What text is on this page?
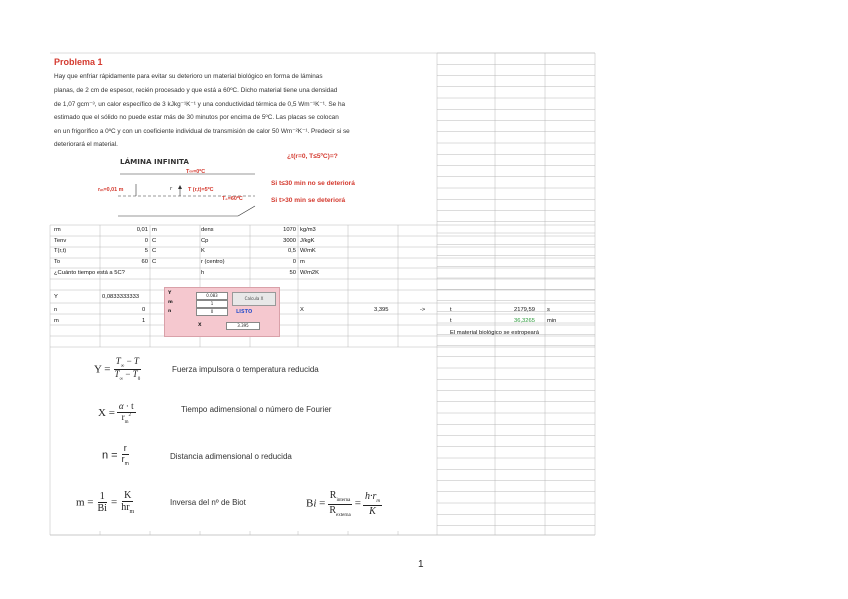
Problema 1
Hay que enfriar rápidamente para evitar su deterioro un material biológico en forma de láminas
planas, de 2 cm de espesor, recién procesado y que está a 60ºC. Dicho material tiene una densidad
de 1,07 gcm⁻³, un calor específico de 3 kJkg⁻¹K⁻¹ y una conductividad térmica de 0,5 Wm⁻¹K⁻¹. Se ha
estimado que el sólido no puede estar más de 30 minutos por encima de 5ºC. Las placas se colocan
en un frigorífico a 0ºC y con un coeficiente individual de transmisión de calor 50 Wm⁻²K⁻¹. Predecir si se
deteriorará el material.
LÁMINA INFINITA
T∞=0ºC
rₘ=0,01 m	r	T (r,t)=5ºC
T₀=60ºC
¿t(r=0, T≤5ºC)=?
Si t≤30 min no se deteriorá
Si t>30 min se deteriorá
rm	0,01 m	dens	1070 kg/m3
Tenv	0 C	Cp	3000 J/kgK
T(r,t)	5 C	K	0,5 W/mK
To	60 C	r (centro)	0 m
¿Cuánto tiempo está a 5C?	h	50 W/m2K
Y	0,0833333333
n	0
m	1
X	3,395	->	t	2179,59 s
t	36,3265 min
El material biológico se estropeará
Y	0.083
m	1
n	0
Calcula X
LISTO
X	3.395
$Y = \frac{T_\infty - T}{T_\infty - T_0}$	Fuerza impulsora o temperatura reducida
$X = \frac{\alpha \cdot t}{r_m^2}$	Tiempo adimensional o número de Fourier
$n = \frac{r}{r_m}$	Distancia adimensional o reducida
$m = \frac{1}{Bi} = \frac{K}{hr_m}$	Inversa del nº de Biot	$Bi = \frac{R_{interna}}{R_{externa}} = \frac{h\cdot r_m}{K}$
1
